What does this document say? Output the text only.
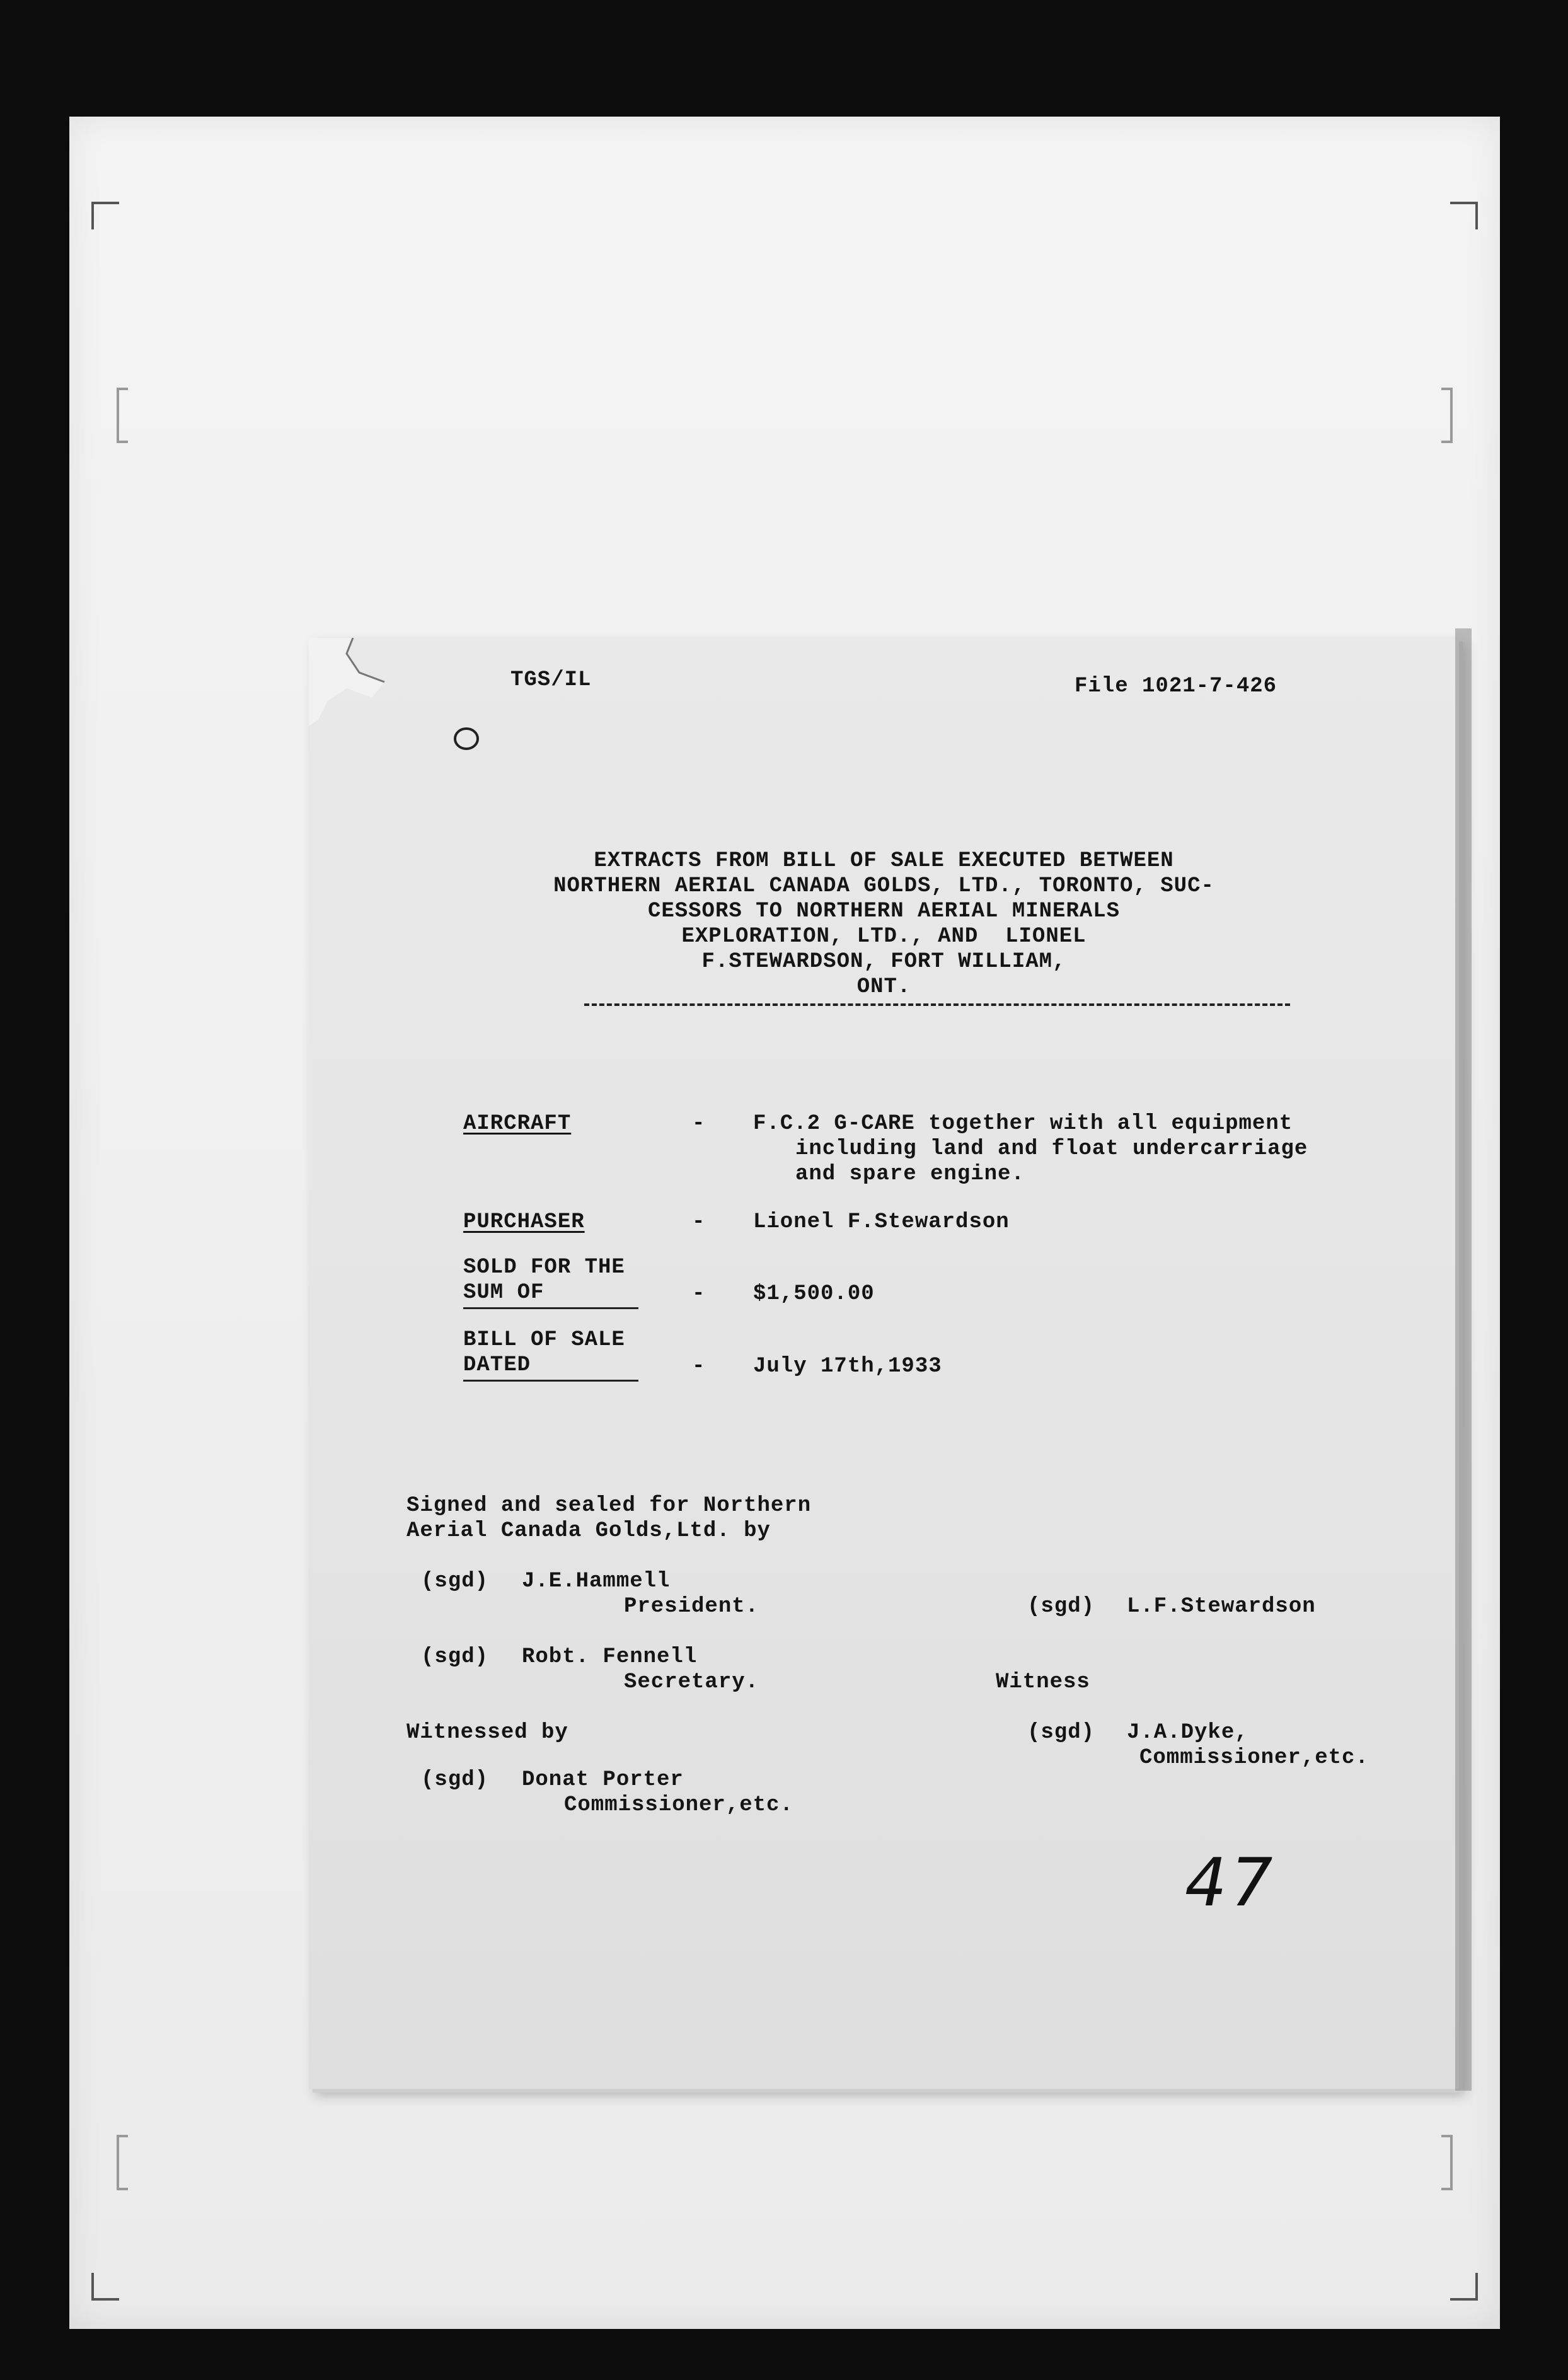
TGS/IL	File 1021-7-426
EXTRACTS FROM BILL OF SALE EXECUTED BETWEEN
NORTHERN AERIAL CANADA GOLDS, LTD., TORONTO, SUC-
CESSORS TO NORTHERN AERIAL MINERALS
EXPLORATION, LTD., AND  LIONEL
F.STEWARDSON, FORT WILLIAM,
ONT.
AIRCRAFT	- F.C.2 G-CARE together with all equipment
including land and float undercarriage
and spare engine.
PURCHASER	- Lionel F.Stewardson
SOLD FOR THE
SUM OF	- $1,500.00
BILL OF SALE
DATED	- July 17th,1933
Signed and sealed for Northern
Aerial Canada Golds,Ltd. by
(sgd) J.E.Hammell
President.	(sgd) L.F.Stewardson
(sgd) Robt. Fennell
Secretary.	Witness
Witnessed by	(sgd) J.A.Dyke,
Commissioner,etc.
(sgd) Donat Porter
Commissioner,etc.
47
